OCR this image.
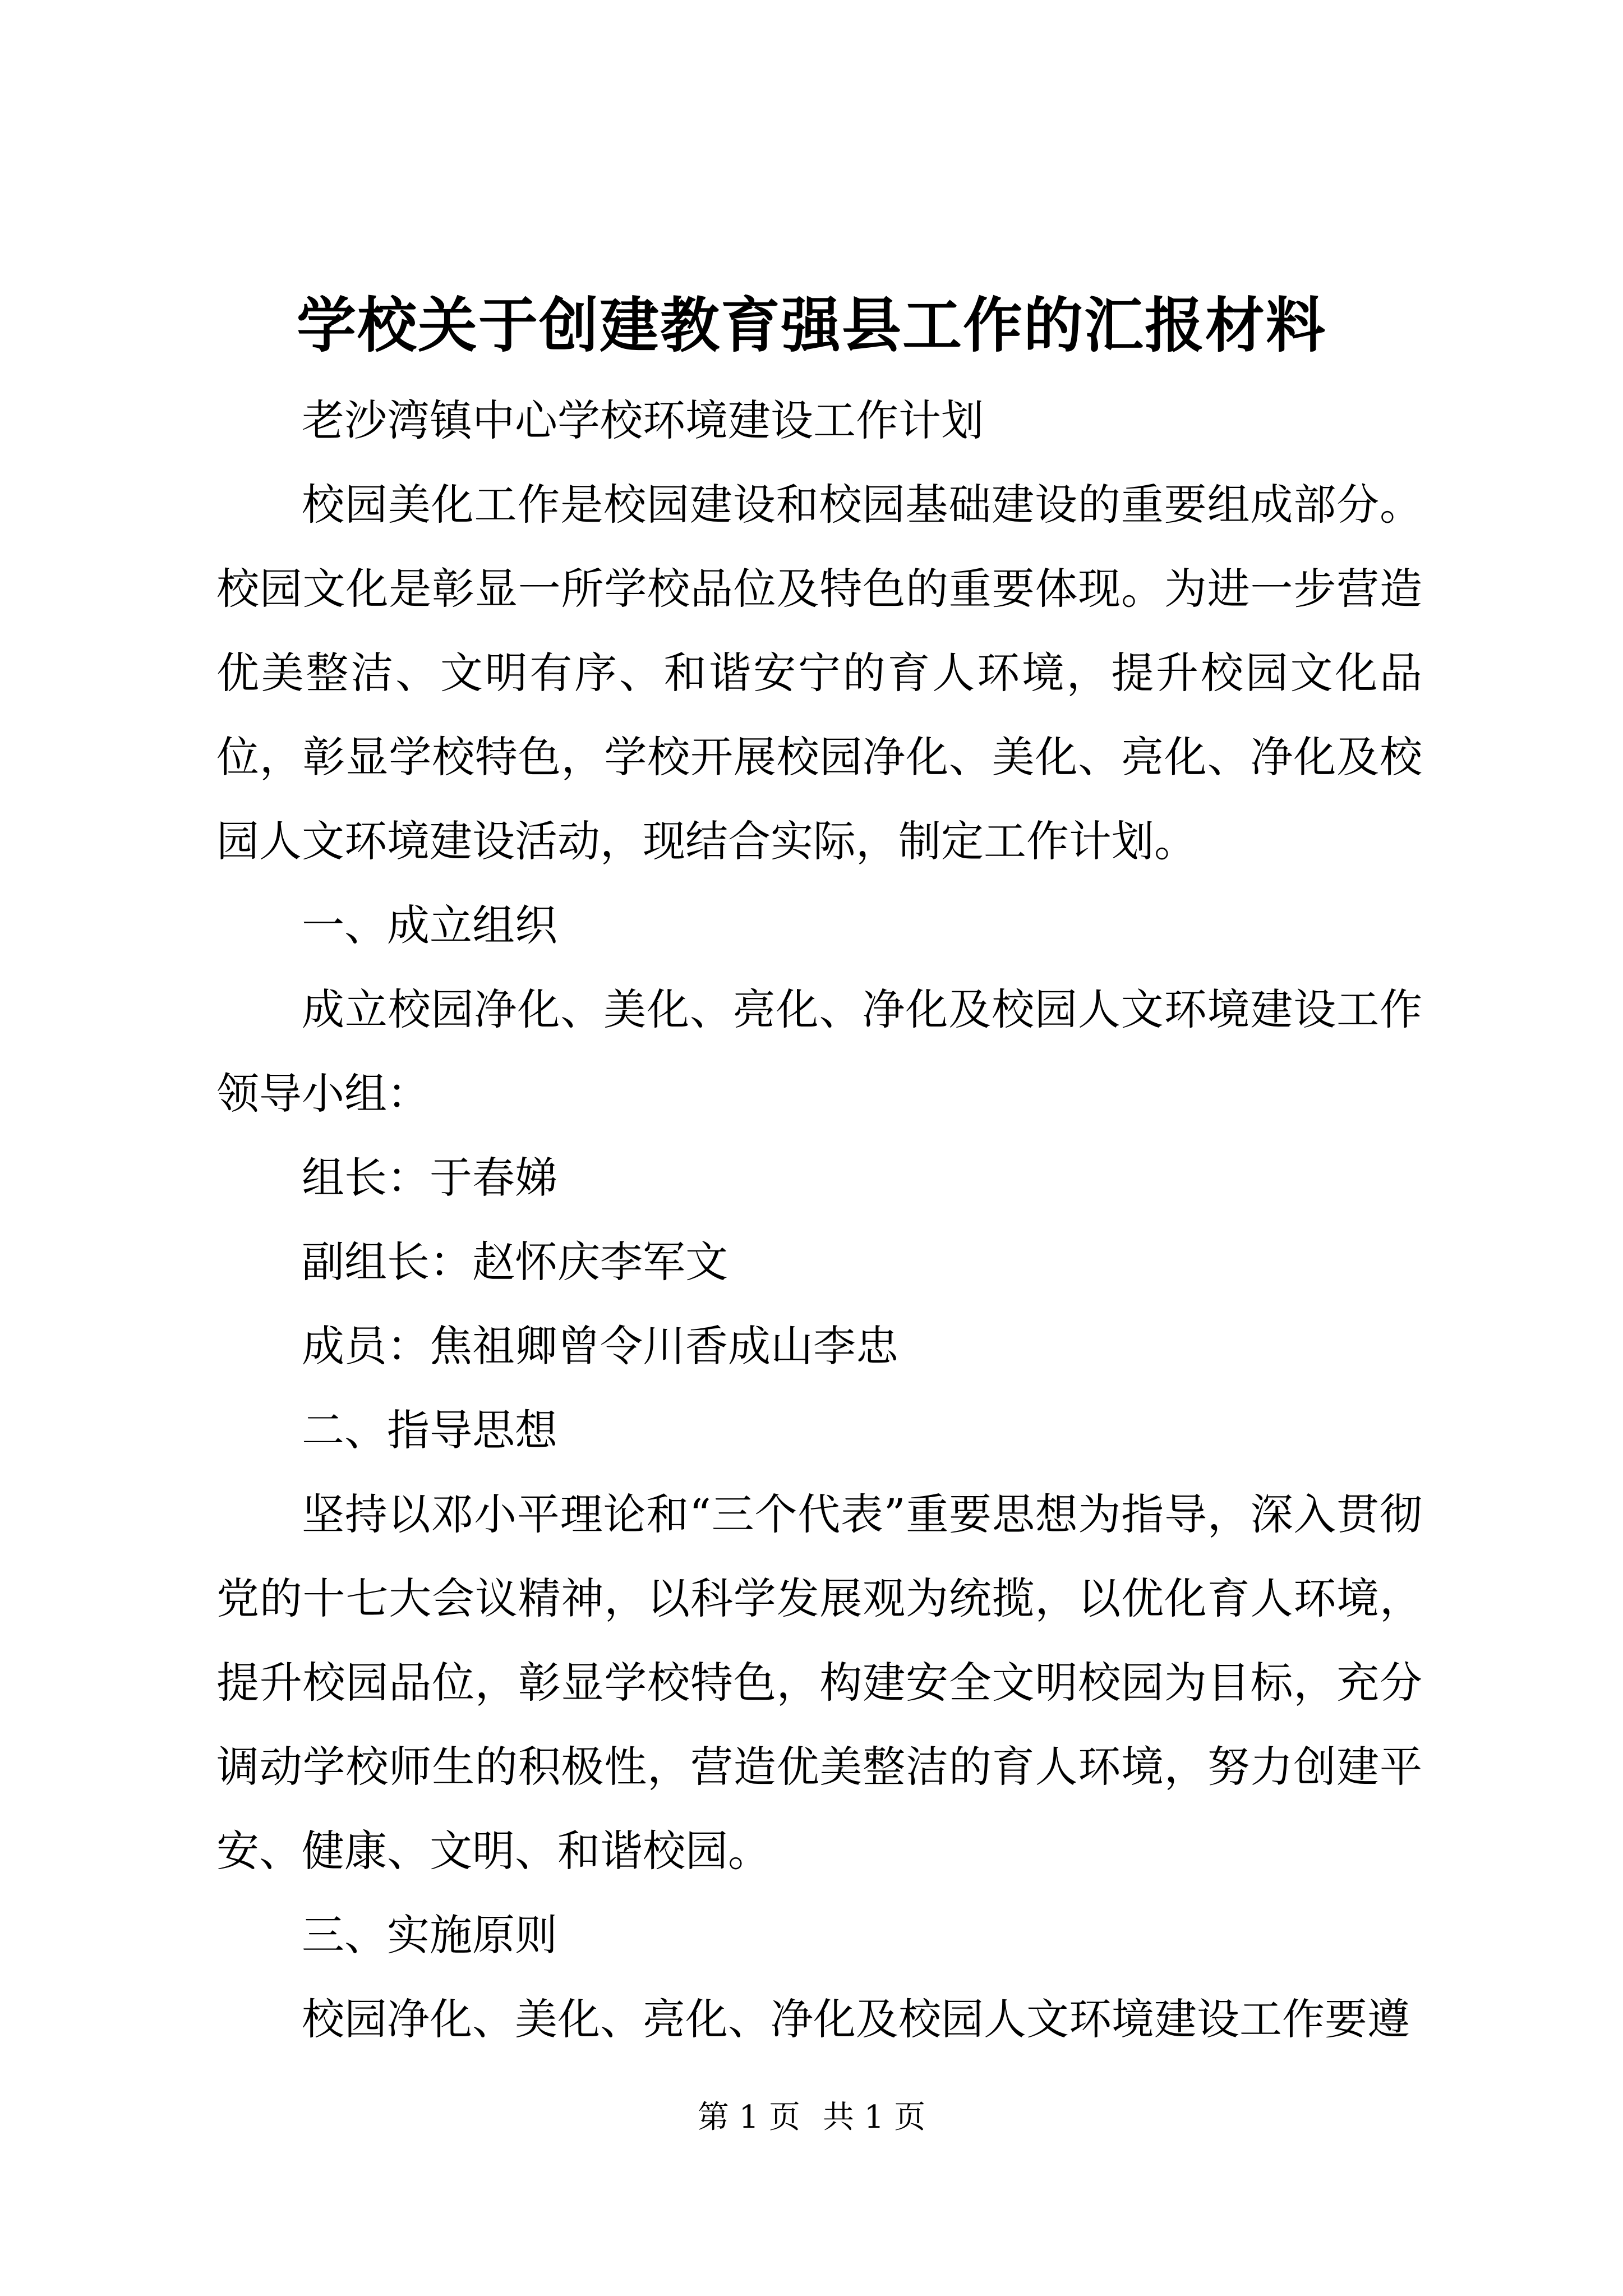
学校关于创建教育强县工作的汇报材料

老沙湾镇中心学校环境建设工作计划

校园美化工作是校园建设和校园基础建设的重要组成部分。校园文化是彰显一所学校品位及特色的重要体现。为进一步营造优美整洁、文明有序、和谐安宁的育人环境，提升校园文化品位，彰显学校特色，学校开展校园净化、美化、亮化、净化及校园人文环境建设活动，现结合实际，制定工作计划。

一、成立组织

成立校园净化、美化、亮化、净化及校园人文环境建设工作领导小组：

组长：于春娣

副组长：赵怀庆李军文

成员：焦祖卿曾令川香成山李忠

二、指导思想

坚持以邓小平理论和“三个代表”重要思想为指导，深入贯彻党的十七大会议精神，以科学发展观为统揽，以优化育人环境，提升校园品位，彰显学校特色，构建安全文明校园为目标，充分调动学校师生的积极性，营造优美整洁的育人环境，努力创建平安、健康、文明、和谐校园。

三、实施原则

校园净化、美化、亮化、净化及校园人文环境建设工作要遵

第 1 页 共 1 页
